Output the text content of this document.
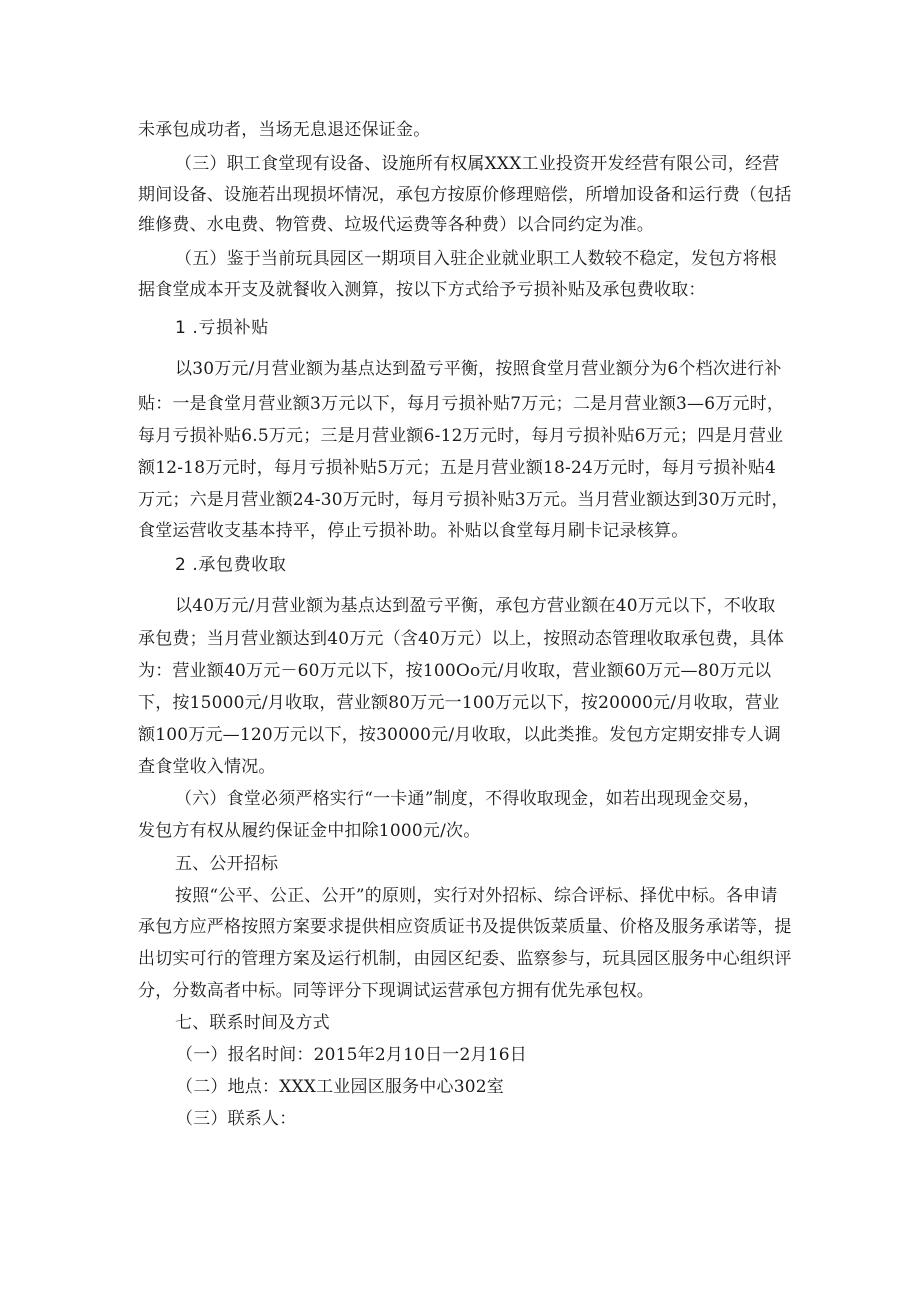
未承包成功者，当场无息退还保证金。
（三）职工食堂现有设备、设施所有权属XXX工业投资开发经营有限公司，经营
期间设备、设施若出现损坏情况，承包方按原价修理赔偿，所增加设备和运行费（包括
维修费、水电费、物管费、垃圾代运费等各种费）以合同约定为准。
（五）鉴于当前玩具园区一期项目入驻企业就业职工人数较不稳定，发包方将根
据食堂成本开支及就餐收入测算，按以下方式给予亏损补贴及承包费收取：
1 .亏损补贴
以30万元/月营业额为基点达到盈亏平衡，按照食堂月营业额分为6个档次进行补
贴：一是食堂月营业额3万元以下，每月亏损补贴7万元；二是月营业额3—6万元时，
每月亏损补贴6.5万元；三是月营业额6-12万元时，每月亏损补贴6万元；四是月营业
额12-18万元时，每月亏损补贴5万元；五是月营业额18-24万元时，每月亏损补贴4
万元；六是月营业额24-30万元时，每月亏损补贴3万元。当月营业额达到30万元时，
食堂运营收支基本持平，停止亏损补助。补贴以食堂每月刷卡记录核算。
2 .承包费收取
以40万元/月营业额为基点达到盈亏平衡，承包方营业额在40万元以下，不收取
承包费；当月营业额达到40万元（含40万元）以上，按照动态管理收取承包费，具体
为：营业额40万元－60万元以下，按100Oo元/月收取，营业额60万元—80万元以
下，按15000元/月收取，营业额80万元一100万元以下，按20000元/月收取，营业
额100万元—120万元以下，按30000元/月收取，以此类推。发包方定期安排专人调
查食堂收入情况。
（六）食堂必须严格实行“一卡通”制度，不得收取现金，如若出现现金交易，
发包方有权从履约保证金中扣除1000元/次。
五、公开招标
按照“公平、公正、公开”的原则，实行对外招标、综合评标、择优中标。各申请
承包方应严格按照方案要求提供相应资质证书及提供饭菜质量、价格及服务承诺等，提
出切实可行的管理方案及运行机制，由园区纪委、监察参与，玩具园区服务中心组织评
分，分数高者中标。同等评分下现调试运营承包方拥有优先承包权。
七、联系时间及方式
（一）报名时间：2015年2月10日一2月16日
（二）地点：XXX工业园区服务中心302室
（三）联系人：
